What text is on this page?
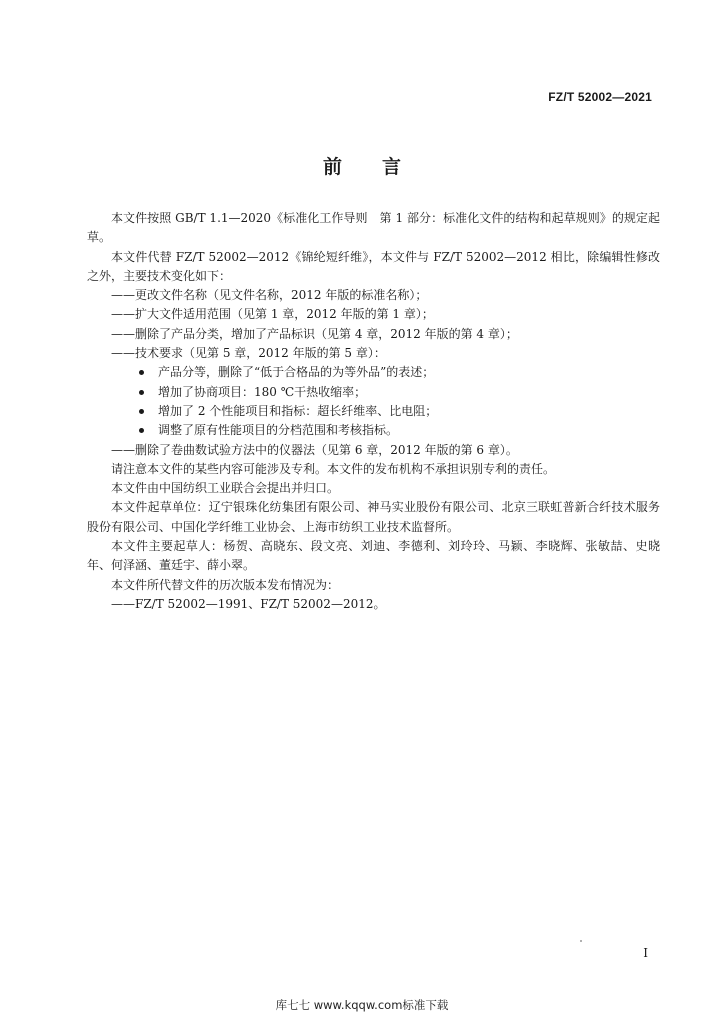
FZ/T 52002—2021
前言

本文件按照 GB/T 1.1—2020《标准化工作导则　第 1 部分：标准化文件的结构和起草规则》的规定起草。

本文件代替 FZ/T 52002—2012《锦纶短纤维》，本文件与 FZ/T 52002—2012 相比，除编辑性修改之外，主要技术变化如下：

——更改文件名称（见文件名称，2012 年版的标准名称）；

——扩大文件适用范围（见第 1 章，2012 年版的第 1 章）；

——删除了产品分类，增加了产品标识（见第 4 章，2012 年版的第 4 章）；

——技术要求（见第 5 章，2012 年版的第 5 章）：

产品分等，删除了“低于合格品的为等外品”的表述；

增加了协商项目：180 ℃干热收缩率；

增加了 2 个性能项目和指标：超长纤维率、比电阻；

调整了原有性能项目的分档范围和考核指标。

——删除了卷曲数试验方法中的仪器法（见第 6 章，2012 年版的第 6 章）。

请注意本文件的某些内容可能涉及专利。本文件的发布机构不承担识别专利的责任。

本文件由中国纺织工业联合会提出并归口。

本文件起草单位：辽宁银珠化纺集团有限公司、神马实业股份有限公司、北京三联虹普新合纤技术服务股份有限公司、中国化学纤维工业协会、上海市纺织工业技术监督所。

本文件主要起草人：杨贺、高晓东、段文亮、刘迪、李德利、刘玲玲、马颖、李晓辉、张敏喆、史晓年、何泽涵、董廷宇、薛小翠。

本文件所代替文件的历次版本发布情况为：

——FZ/T 52002—1991、FZ/T 52002—2012。

I
库七七 www.kqqw.com标准下载
